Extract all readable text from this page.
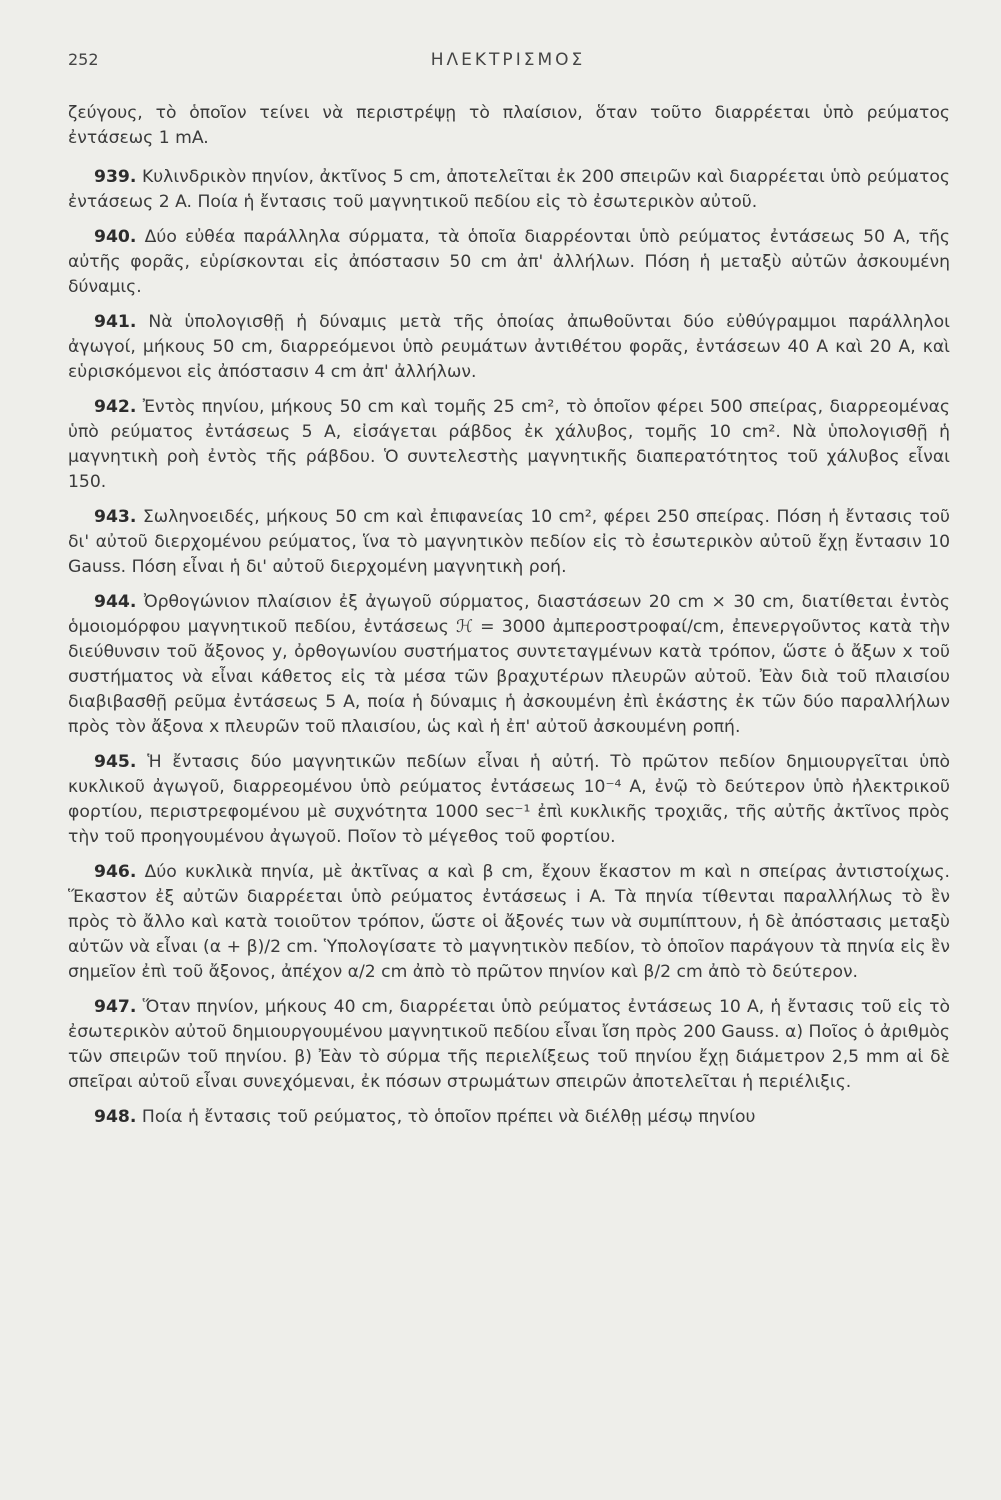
252	ΗΛΕΚΤΡΙΣΜΟΣ

ζεύγους, τὸ ὁποῖον τείνει νὰ περιστρέψῃ τὸ πλαίσιον, ὅταν τοῦτο διαρρέεται ὑπὸ ρεύματος ἐντάσεως 1 mA.

939. Κυλινδρικὸν πηνίον, ἀκτῖνος 5 cm, ἀποτελεῖται ἐκ 200 σπειρῶν καὶ διαρρέεται ὑπὸ ρεύματος ἐντάσεως 2 A. Ποία ἡ ἔντασις τοῦ μαγνητικοῦ πεδίου εἰς τὸ ἐσωτερικὸν αὐτοῦ.

940. Δύο εὐθέα παράλληλα σύρματα, τὰ ὁποῖα διαρρέονται ὑπὸ ρεύματος ἐντάσεως 50 A, τῆς αὐτῆς φορᾶς, εὑρίσκονται εἰς ἀπόστασιν 50 cm ἀπ' ἀλλήλων. Πόση ἡ μεταξὺ αὐτῶν ἀσκουμένη δύναμις.

941. Νὰ ὑπολογισθῇ ἡ δύναμις μετὰ τῆς ὁποίας ἀπωθοῦνται δύο εὐθύγραμμοι παράλληλοι ἀγωγοί, μήκους 50 cm, διαρρεόμενοι ὑπὸ ρευμάτων ἀντιθέτου φορᾶς, ἐντάσεων 40 A καὶ 20 A, καὶ εὑρισκόμενοι εἰς ἀπόστασιν 4 cm ἀπ' ἀλλήλων.

942. Ἐντὸς πηνίου, μήκους 50 cm καὶ τομῆς 25 cm², τὸ ὁποῖον φέρει 500 σπείρας, διαρρεομένας ὑπὸ ρεύματος ἐντάσεως 5 A, εἰσάγεται ράβδος ἐκ χάλυβος, τομῆς 10 cm². Νὰ ὑπολογισθῇ ἡ μαγνητικὴ ροὴ ἐντὸς τῆς ράβδου. Ὁ συντελεστὴς μαγνητικῆς διαπερατότητος τοῦ χάλυβος εἶναι 150.

943. Σωληνοειδές, μήκους 50 cm καὶ ἐπιφανείας 10 cm², φέρει 250 σπείρας. Πόση ἡ ἔντασις τοῦ δι' αὐτοῦ διερχομένου ρεύματος, ἵνα τὸ μαγνητικὸν πεδίον εἰς τὸ ἐσωτερικὸν αὐτοῦ ἔχῃ ἔντασιν 10 Gauss. Πόση εἶναι ἡ δι' αὐτοῦ διερχομένη μαγνητικὴ ροή.

944. Ὀρθογώνιον πλαίσιον ἐξ ἀγωγοῦ σύρματος, διαστάσεων 20 cm × 30 cm, διατίθεται ἐντὸς ὁμοιομόρφου μαγνητικοῦ πεδίου, ἐντάσεως ℋ = 3000 ἀμπεροστροφαί/cm, ἐπενεργοῦντος κατὰ τὴν διεύθυνσιν τοῦ ἄξονος y, ὀρθογωνίου συστήματος συντεταγμένων κατὰ τρόπον, ὥστε ὁ ἄξων x τοῦ συστήματος νὰ εἶναι κάθετος εἰς τὰ μέσα τῶν βραχυτέρων πλευρῶν αὐτοῦ. Ἐὰν διὰ τοῦ πλαισίου διαβιβασθῇ ρεῦμα ἐντάσεως 5 A, ποία ἡ δύναμις ἡ ἀσκουμένη ἐπὶ ἑκάστης ἐκ τῶν δύο παραλλήλων πρὸς τὸν ἄξονα x πλευρῶν τοῦ πλαισίου, ὡς καὶ ἡ ἐπ' αὐτοῦ ἀσκουμένη ροπή.

945. Ἡ ἔντασις δύο μαγνητικῶν πεδίων εἶναι ἡ αὐτή. Τὸ πρῶτον πεδίον δημιουργεῖται ὑπὸ κυκλικοῦ ἀγωγοῦ, διαρρεομένου ὑπὸ ρεύματος ἐντάσεως 10⁻⁴ A, ἐνῷ τὸ δεύτερον ὑπὸ ἠλεκτρικοῦ φορτίου, περιστρεφομένου μὲ συχνότητα 1000 sec⁻¹ ἐπὶ κυκλικῆς τροχιᾶς, τῆς αὐτῆς ἀκτῖνος πρὸς τὴν τοῦ προηγουμένου ἀγωγοῦ. Ποῖον τὸ μέγεθος τοῦ φορτίου.

946. Δύο κυκλικὰ πηνία, μὲ ἀκτῖνας α καὶ β cm, ἔχουν ἕκαστον m καὶ n σπείρας ἀντιστοίχως. Ἕκαστον ἐξ αὐτῶν διαρρέεται ὑπὸ ρεύματος ἐντάσεως i A. Τὰ πηνία τίθενται παραλλήλως τὸ ἓν πρὸς τὸ ἄλλο καὶ κατὰ τοιοῦτον τρόπον, ὥστε οἱ ἄξονές των νὰ συμπίπτουν, ἡ δὲ ἀπόστασις μεταξὺ αὐτῶν νὰ εἶναι (α + β)/2 cm. Ὑπολογίσατε τὸ μαγνητικὸν πεδίον, τὸ ὁποῖον παράγουν τὰ πηνία εἰς ἓν σημεῖον ἐπὶ τοῦ ἄξονος, ἀπέχον α/2 cm ἀπὸ τὸ πρῶτον πηνίον καὶ β/2 cm ἀπὸ τὸ δεύτερον.

947. Ὅταν πηνίον, μήκους 40 cm, διαρρέεται ὑπὸ ρεύματος ἐντάσεως 10 A, ἡ ἔντασις τοῦ εἰς τὸ ἐσωτερικὸν αὐτοῦ δημιουργουμένου μαγνητικοῦ πεδίου εἶναι ἴση πρὸς 200 Gauss. α) Ποῖος ὁ ἀριθμὸς τῶν σπειρῶν τοῦ πηνίου. β) Ἐὰν τὸ σύρμα τῆς περιελίξεως τοῦ πηνίου ἔχῃ διάμετρον 2,5 mm αἱ δὲ σπεῖραι αὐτοῦ εἶναι συνεχόμεναι, ἐκ πόσων στρωμάτων σπειρῶν ἀποτελεῖται ἡ περιέλιξις.

948. Ποία ἡ ἔντασις τοῦ ρεύματος, τὸ ὁποῖον πρέπει νὰ διέλθῃ μέσῳ πηνίου
